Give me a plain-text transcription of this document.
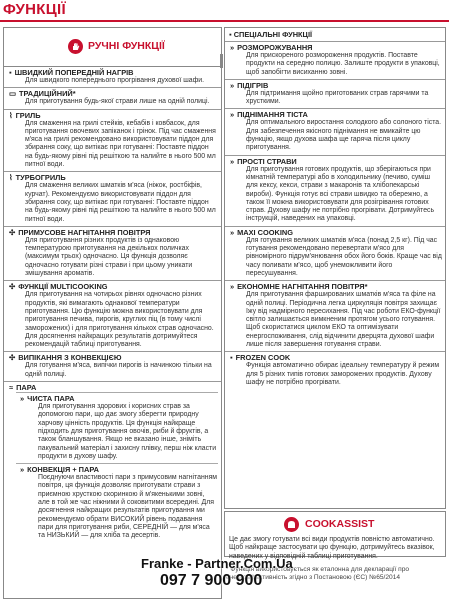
ФУНКЦІЇ
РУЧНІ ФУНКЦІЇ
▪ ШВИДКИЙ ПОПЕРЕДНІЙ НАГРІВ
Для швидкого попереднього прогрівання духової шафи.
▭ ТРАДИЦІЙНИЙ*
Для приготування будь-якої страви лише на одній полиці.
⌇ ГРИЛЬ
Для смаження на грилі стейків, кебабів і ковбасок, для приготування овочевих запіканок і грінок. Під час смаження м'яса на грилі рекомендовано використовувати піддон для збирання соку, що витікає при готуванні: Поставте піддон на будь-якому рівні під решіткою та налийте в нього 500 мл питної води.
⌇ ТУРБОГРИЛЬ
Для смаження великих шматків м'яса (ніжок, ростбіфів, курчат). Рекомендуємо використовувати піддон для збирання соку, що витікає при готуванні: Поставте піддон на будь-якому рівні під решіткою та налийте в нього 500 мл питної води.
✣ ПРИМУСОВЕ НАГНІТАННЯ ПОВІТРЯ
Для приготування різних продуктів із однаковою температурою приготування на декількох поличках (максимум трьох) одночасно. Ця функція дозволяє одночасно готувати різні страви і при цьому уникати змішування ароматів.
✣ ФУНКЦІЇ MULTICOOKING
Для приготування на чотирьох рівнях одночасно різних продуктів, які вимагають однакової температури приготування. Цю функцію можна використовувати для приготування печива, пирогів, круглих піц (в тому числі заморожених) і для приготування кількох страв одночасно. Для досягнення найкращих результатів дотримуйтеся рекомендацій таблиці приготування.
✣ ВИПІКАННЯ З КОНВЕКЦІЄЮ
Для готування м'яса, випічки пирогів із начинкою тільки на одній полиці.
≈ ПАРА
» ЧИСТА ПАРА
Для приготування здорових і корисних страв за допомогою пари, що дає змогу зберегти природну харчову цінність продуктів. Ця функція найкраще підходить для приготування овочів, риби й фруктів, а також бланшування. Якщо не вказано інше, зніміть пакувальний матеріал і захисну плівку, перш ніж класти продукти в духову шафу.
» КОНВЕКЦІЯ + ПАРА
Поєднуючи властивості пари з примусовим нагнітанням повітря, ця функція дозволяє приготувати страви з приємною хрусткою скоринкою й м'якенькими зовні, але в той же час ніжними й соковитими всередині. Для досягнення найкращих результатів приготування ми рекомендуємо обрати ВИСОКИЙ рівень подавання пари для приготування риби, СЕРЕДНІЙ — для м'яса та НИЗЬКИЙ — для хліба та десертів.
▪ СПЕЦІАЛЬНІ ФУНКЦІЇ
» РОЗМОРОЖУВАННЯ
Для прискореного розмороження продуктів. Поставте продукти на середню полицю. Залиште продукти в упаковці, щоб запобігти висиханню зовні.
» ПІДІГРІВ
Для підтримання щойно приготованих страв гарячими та хрусткими.
» ПІДНІМАННЯ ТІСТА
Для оптимального виростання солодкого або солоного тіста. Для забезпечення якісного піднімання не вмикайте цю функцію, якщо духова шафа ще гаряча після циклу приготування.
» ПРОСТІ СТРАВИ
Для приготування готових продуктів, що зберігаються при кімнатній температурі або в холодильнику (печиво, суміш для кексу, кекси, страви з макаронів та хлібопекарські вироби). Функція готує всі страви швидко та обережно, а також її можна використовувати для розігрівання готових страв. Духову шафу не потрібно прогрівати. Дотримуйтесь інструкцій, наведених на упаковці.
» MAXI COOKING
Для готування великих шматків м'яса (понад 2,5 кг). Під час готування рекомендовано перевертати м'ясо для рівномірного підрум'янювання обох його боків. Краще час від часу поливати м'ясо, щоб унеможливити його пересушування.
» ЕКОНОМНЕ НАГНІТАННЯ ПОВІТРЯ*
Для приготування фаршированих шматків м'яса та філе на одній полиці. Періодична легка циркуляція повітря захищає їжу від надмірного пересихання. Під час роботи ЕКО-функції світло залишається вимкненим протягом усього готування. Щоб скористатися циклом ЕКО та оптимізувати енергоспоживання, слід відчинити дверцята духової шафи лише після завершення готування страви.
▪ FROZEN COOK
Функція автоматично обирає ідеальну температуру й режим для 5 різних типів готових заморожених продуктів. Духову шафу не потрібно прогрівати.
COOKASSIST
Це дає змогу готувати всі види продуктів повністю автоматично. Щоб найкраще застосувати цю функцію, дотримуйтесь вказівок, наведених у відповідній таблиці приготування.
* Функція використовується як еталонна для декларації про енергоефективність згідно з Постановою (ЄС) №65/2014
Franke - Partner.Com.Ua
097 7 900 900
